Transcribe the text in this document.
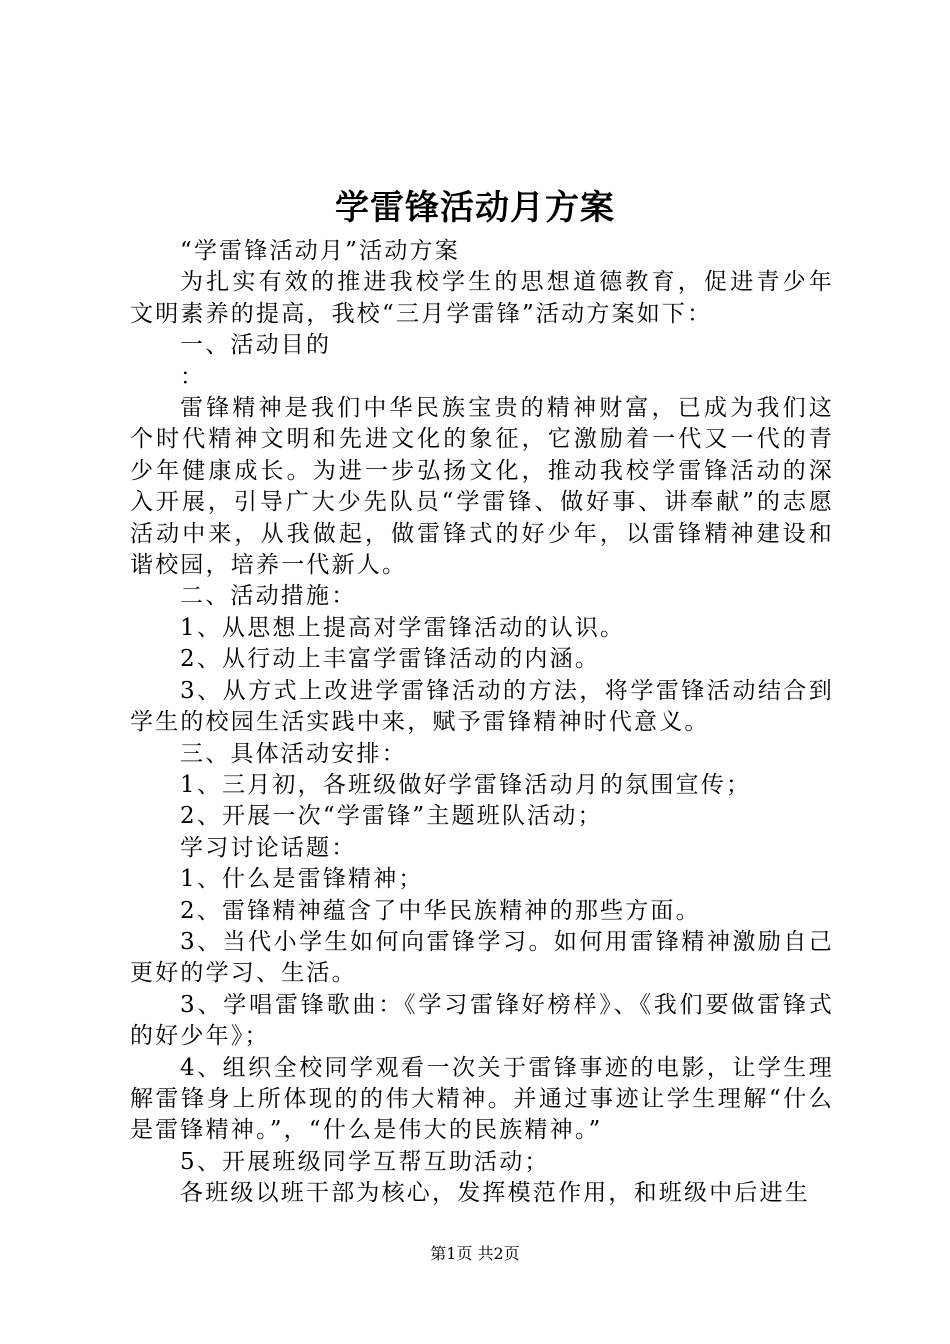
学雷锋活动月方案

“学雷锋活动月”活动方案

为扎实有效的推进我校学生的思想道德教育，促进青少年文明素养的提高，我校“三月学雷锋”活动方案如下：

一、活动目的

：

雷锋精神是我们中华民族宝贵的精神财富，已成为我们这个时代精神文明和先进文化的象征，它激励着一代又一代的青少年健康成长。为进一步弘扬文化，推动我校学雷锋活动的深入开展，引导广大少先队员“学雷锋、做好事、讲奉献”的志愿活动中来，从我做起，做雷锋式的好少年，以雷锋精神建设和谐校园，培养一代新人。

二、活动措施：

1、从思想上提高对学雷锋活动的认识。

2、从行动上丰富学雷锋活动的内涵。

3、从方式上改进学雷锋活动的方法，将学雷锋活动结合到学生的校园生活实践中来，赋予雷锋精神时代意义。

三、具体活动安排：

1、三月初，各班级做好学雷锋活动月的氛围宣传；

2、开展一次“学雷锋”主题班队活动；

学习讨论话题：

1、什么是雷锋精神；

2、雷锋精神蕴含了中华民族精神的那些方面。

3、当代小学生如何向雷锋学习。如何用雷锋精神激励自己更好的学习、生活。

3、学唱雷锋歌曲：《学习雷锋好榜样》、《我们要做雷锋式的好少年》；

4、组织全校同学观看一次关于雷锋事迹的电影，让学生理解雷锋身上所体现的的伟大精神。并通过事迹让学生理解“什么是雷锋精神。”，“什么是伟大的民族精神。”

5、开展班级同学互帮互助活动；

各班级以班干部为核心，发挥模范作用，和班级中后进生

第1页 共2页
